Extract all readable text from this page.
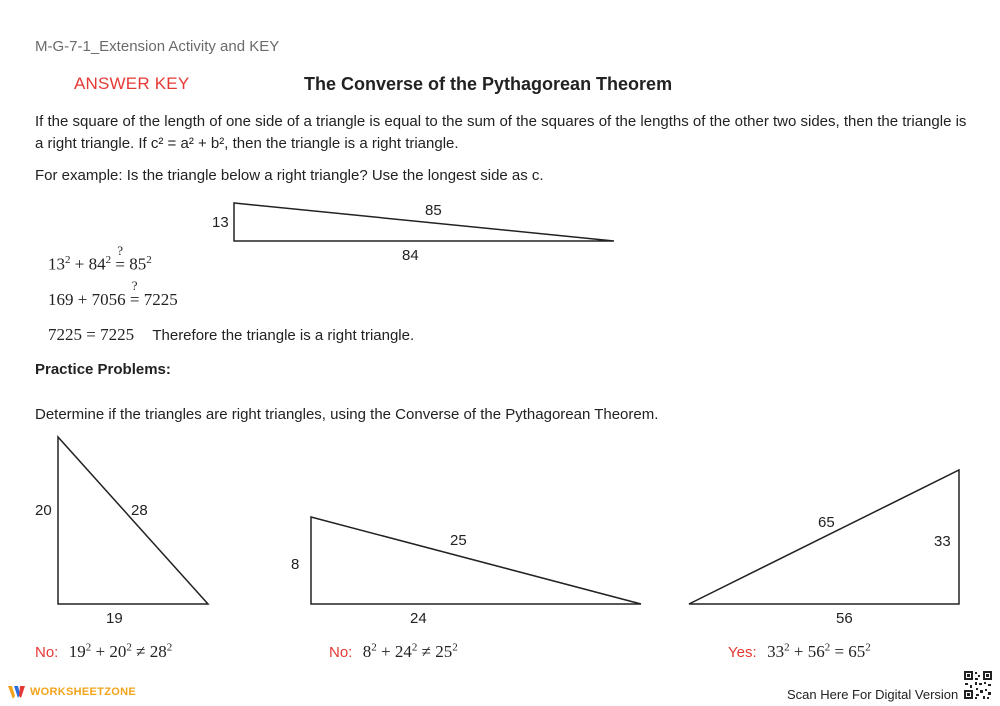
M-G-7-1_Extension Activity and KEY
ANSWER KEY	The Converse of the Pythagorean Theorem
If the square of the length of one side of a triangle is equal to the sum of the squares of the lengths of the other two sides, then the triangle is a right triangle. If c² = a² + b², then the triangle is a right triangle.
For example: Is the triangle below a right triangle? Use the longest side as c.
13
85
84
$13^2 + 84^2$
?
= $85^2$
169 + 7056
?
= 7225
7225 = 7225 Therefore the triangle is a right triangle.
Practice Problems:
Determine if the triangles are right triangles, using the Converse of the Pythagorean Theorem.
20	28
19
8
25
24
65
33
56
No: $19^2 + 20^2 \ne 28^2$	No: $8^2 + 24^2 \ne 25^2$	Yes: $33^2 + 56^2 = 65^2$
WORKSHEETZONE	Scan Here For Digital Version
